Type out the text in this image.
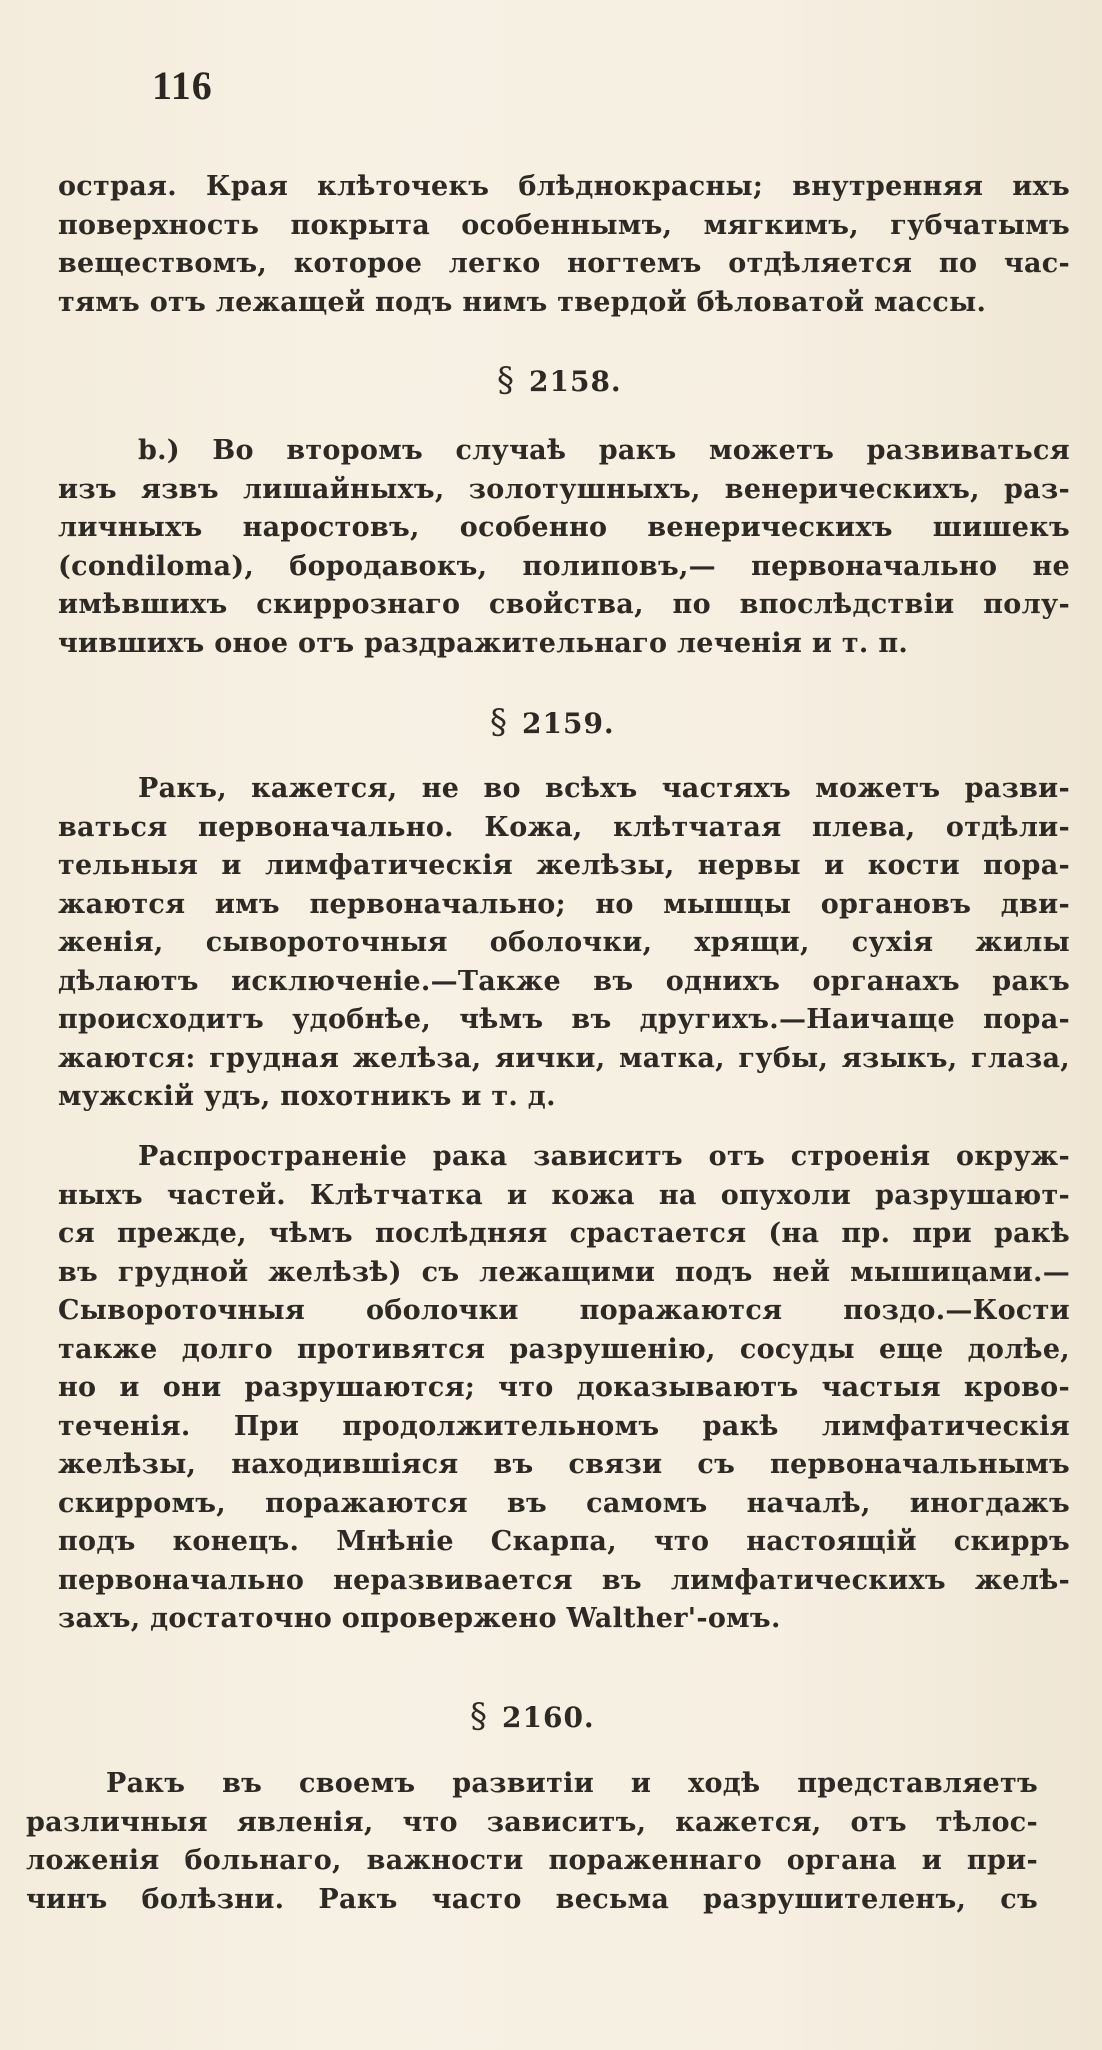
116
острая. Края клѣточекъ блѣднокрасны; внутренняя ихъ
поверхность покрыта особеннымъ, мягкимъ, губчатымъ
веществомъ, которое легко ногтемъ отдѣляется по час-
тямъ отъ лежащей подъ нимъ твердой бѣловатой массы.
§ 2158.
b.) Во второмъ случаѣ ракъ можетъ развиваться
изъ язвъ лишайныхъ, золотушныхъ, венерическихъ, раз-
личныхъ наростовъ, особенно венерическихъ шишекъ
(condiloma), бородавокъ, полиповъ,— первоначально не
имѣвшихъ скиррознаго свойства, по впослѣдствіи полу-
чившихъ оное отъ раздражительнаго леченія и т. п.
§ 2159.
Ракъ, кажется, не во всѣхъ частяхъ можетъ разви-
ваться первоначально. Кожа, клѣтчатая плева, отдѣли-
тельныя и лимфатическія желѣзы, нервы и кости пора-
жаются имъ первоначально; но мышцы органовъ дви-
женія, сывороточныя оболочки, хрящи, сухія жилы
дѣлаютъ исключеніе.—Также въ однихъ органахъ ракъ
происходитъ удобнѣе, чѣмъ въ другихъ.—Наичаще пора-
жаются: грудная желѣза, яички, матка, губы, языкъ, глаза,
мужскій удъ, похотникъ и т. д.
Распространеніе рака зависитъ отъ строенія окруж-
ныхъ частей. Клѣтчатка и кожа на опухоли разрушают-
ся прежде, чѣмъ послѣдняя срастается (на пр. при ракѣ
въ грудной желѣзѣ) съ лежащими подъ ней мышицами.—
Сывороточныя оболочки поражаются поздо.—Кости
также долго противятся разрушенію, сосуды еще долѣе,
но и они разрушаются; что доказываютъ частыя крово-
теченія. При продолжительномъ ракѣ лимфатическія
желѣзы, находившіяся въ связи съ первоначальнымъ
скирромъ, поражаются въ самомъ началѣ, иногдажъ
подъ конецъ. Мнѣніе Скарпа, что настоящій скирръ
первоначально неразвивается въ лимфатическихъ желѣ-
захъ, достаточно опровержено Walther'-омъ.
§ 2160.
Ракъ въ своемъ развитіи и ходѣ представляетъ
различныя явленія, что зависитъ, кажется, отъ тѣлос-
ложенія больнаго, важности пораженнаго органа и при-
чинъ болѣзни. Ракъ часто весьма разрушителенъ, съ
